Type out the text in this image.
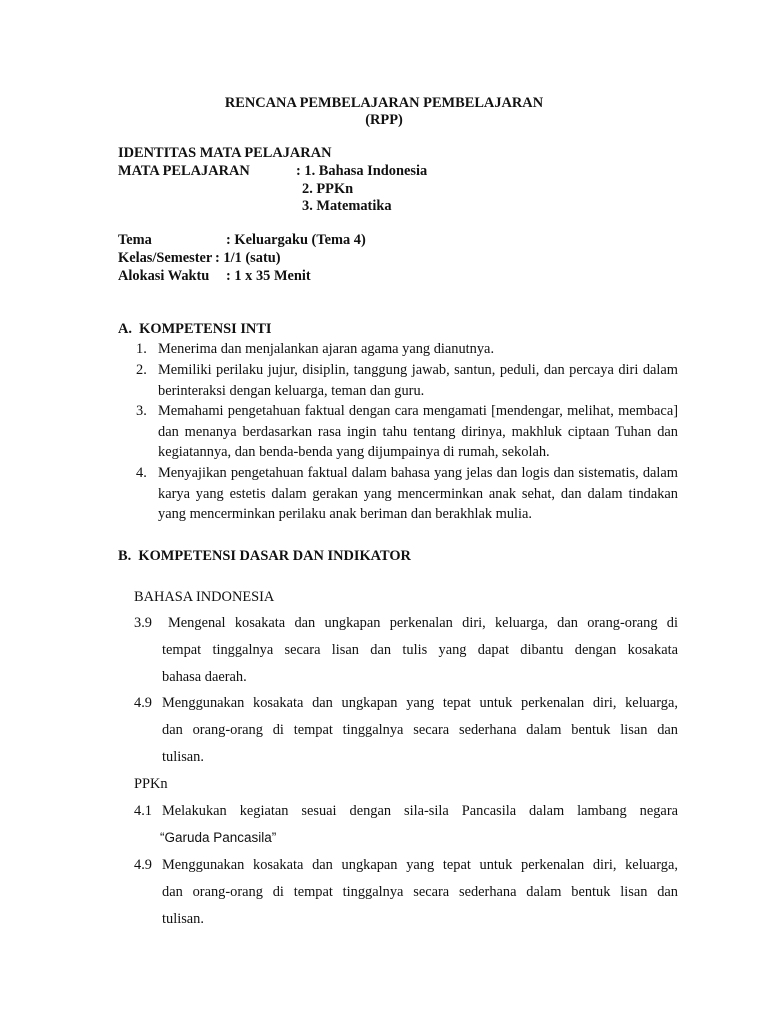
RENCANA PEMBELAJARAN PEMBELAJARAN
(RPP)
IDENTITAS MATA PELAJARAN
MATA PELAJARAN	: 1. Bahasa Indonesia
2. PPKn
3. Matematika
Tema	: Keluargaku (Tema 4)
Kelas/Semester : 1/1 (satu)
Alokasi Waktu : 1 x 35 Menit
A.  KOMPETENSI INTI
1. Menerima dan menjalankan ajaran agama yang dianutnya.
2. Memiliki perilaku jujur, disiplin, tanggung jawab, santun, peduli, dan percaya diri dalam berinteraksi dengan keluarga, teman dan guru.
3. Memahami pengetahuan faktual dengan cara mengamati [mendengar, melihat, membaca] dan menanya berdasarkan rasa ingin tahu tentang dirinya, makhluk ciptaan Tuhan dan kegiatannya, dan benda-benda yang dijumpainya di rumah, sekolah.
4. Menyajikan pengetahuan faktual dalam bahasa yang jelas dan logis dan sistematis, dalam karya yang estetis dalam gerakan yang mencerminkan anak sehat, dan dalam tindakan yang mencerminkan perilaku anak beriman dan berakhlak mulia.
B.  KOMPETENSI DASAR DAN INDIKATOR
BAHASA INDONESIA
3.9 Mengenal kosakata dan ungkapan perkenalan diri, keluarga, dan orang-orang di
tempat tinggalnya secara lisan dan tulis yang dapat dibantu dengan kosakata
bahasa daerah.
4.9 Menggunakan kosakata dan ungkapan yang tepat untuk perkenalan diri, keluarga,
dan orang-orang di tempat tinggalnya secara sederhana dalam bentuk lisan dan
tulisan.
PPKn
4.1 Melakukan kegiatan sesuai dengan sila-sila Pancasila dalam lambang negara
“Garuda Pancasila”
4.9 Menggunakan kosakata dan ungkapan yang tepat untuk perkenalan diri, keluarga,
dan orang-orang di tempat tinggalnya secara sederhana dalam bentuk lisan dan
tulisan.
